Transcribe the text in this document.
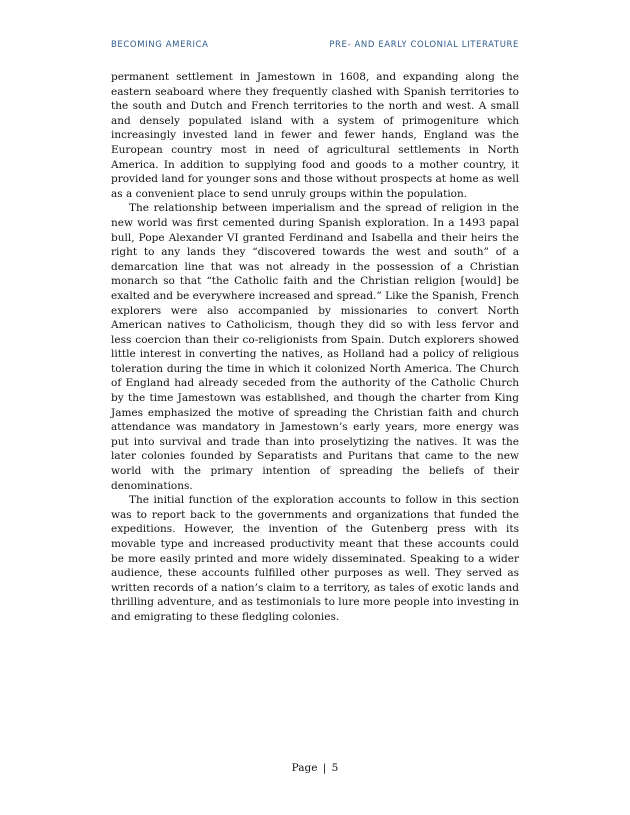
BECOMING AMERICA	PRE- AND EARLY COLONIAL LITERATURE

permanent settlement in Jamestown in 1608, and expanding along the eastern seaboard where they frequently clashed with Spanish territories to the south and Dutch and French territories to the north and west. A small and densely populated island with a system of primogeniture which increasingly invested land in fewer and fewer hands, England was the European country most in need of agricultural settlements in North America. In addition to supplying food and goods to a mother country, it provided land for younger sons and those without prospects at home as well as a convenient place to send unruly groups within the population.

The relationship between imperialism and the spread of religion in the new world was first cemented during Spanish exploration. In a 1493 papal bull, Pope Alexander VI granted Ferdinand and Isabella and their heirs the right to any lands they “discovered towards the west and south” of a demarcation line that was not already in the possession of a Christian monarch so that “the Catholic faith and the Christian religion [would] be exalted and be everywhere increased and spread.” Like the Spanish, French explorers were also accompanied by missionaries to convert North American natives to Catholicism, though they did so with less fervor and less coercion than their co-religionists from Spain. Dutch explorers showed little interest in converting the natives, as Holland had a policy of religious toleration during the time in which it colonized North America. The Church of England had already seceded from the authority of the Catholic Church by the time Jamestown was established, and though the charter from King James emphasized the motive of spreading the Christian faith and church attendance was mandatory in Jamestown’s early years, more energy was put into survival and trade than into proselytizing the natives. It was the later colonies founded by Separatists and Puritans that came to the new world with the primary intention of spreading the beliefs of their denominations.

The initial function of the exploration accounts to follow in this section was to report back to the governments and organizations that funded the expeditions. However, the invention of the Gutenberg press with its movable type and increased productivity meant that these accounts could be more easily printed and more widely disseminated. Speaking to a wider audience, these accounts fulfilled other purposes as well. They served as written records of a nation’s claim to a territory, as tales of exotic lands and thrilling adventure, and as testimonials to lure more people into investing in and emigrating to these fledgling colonies.

Page | 5
